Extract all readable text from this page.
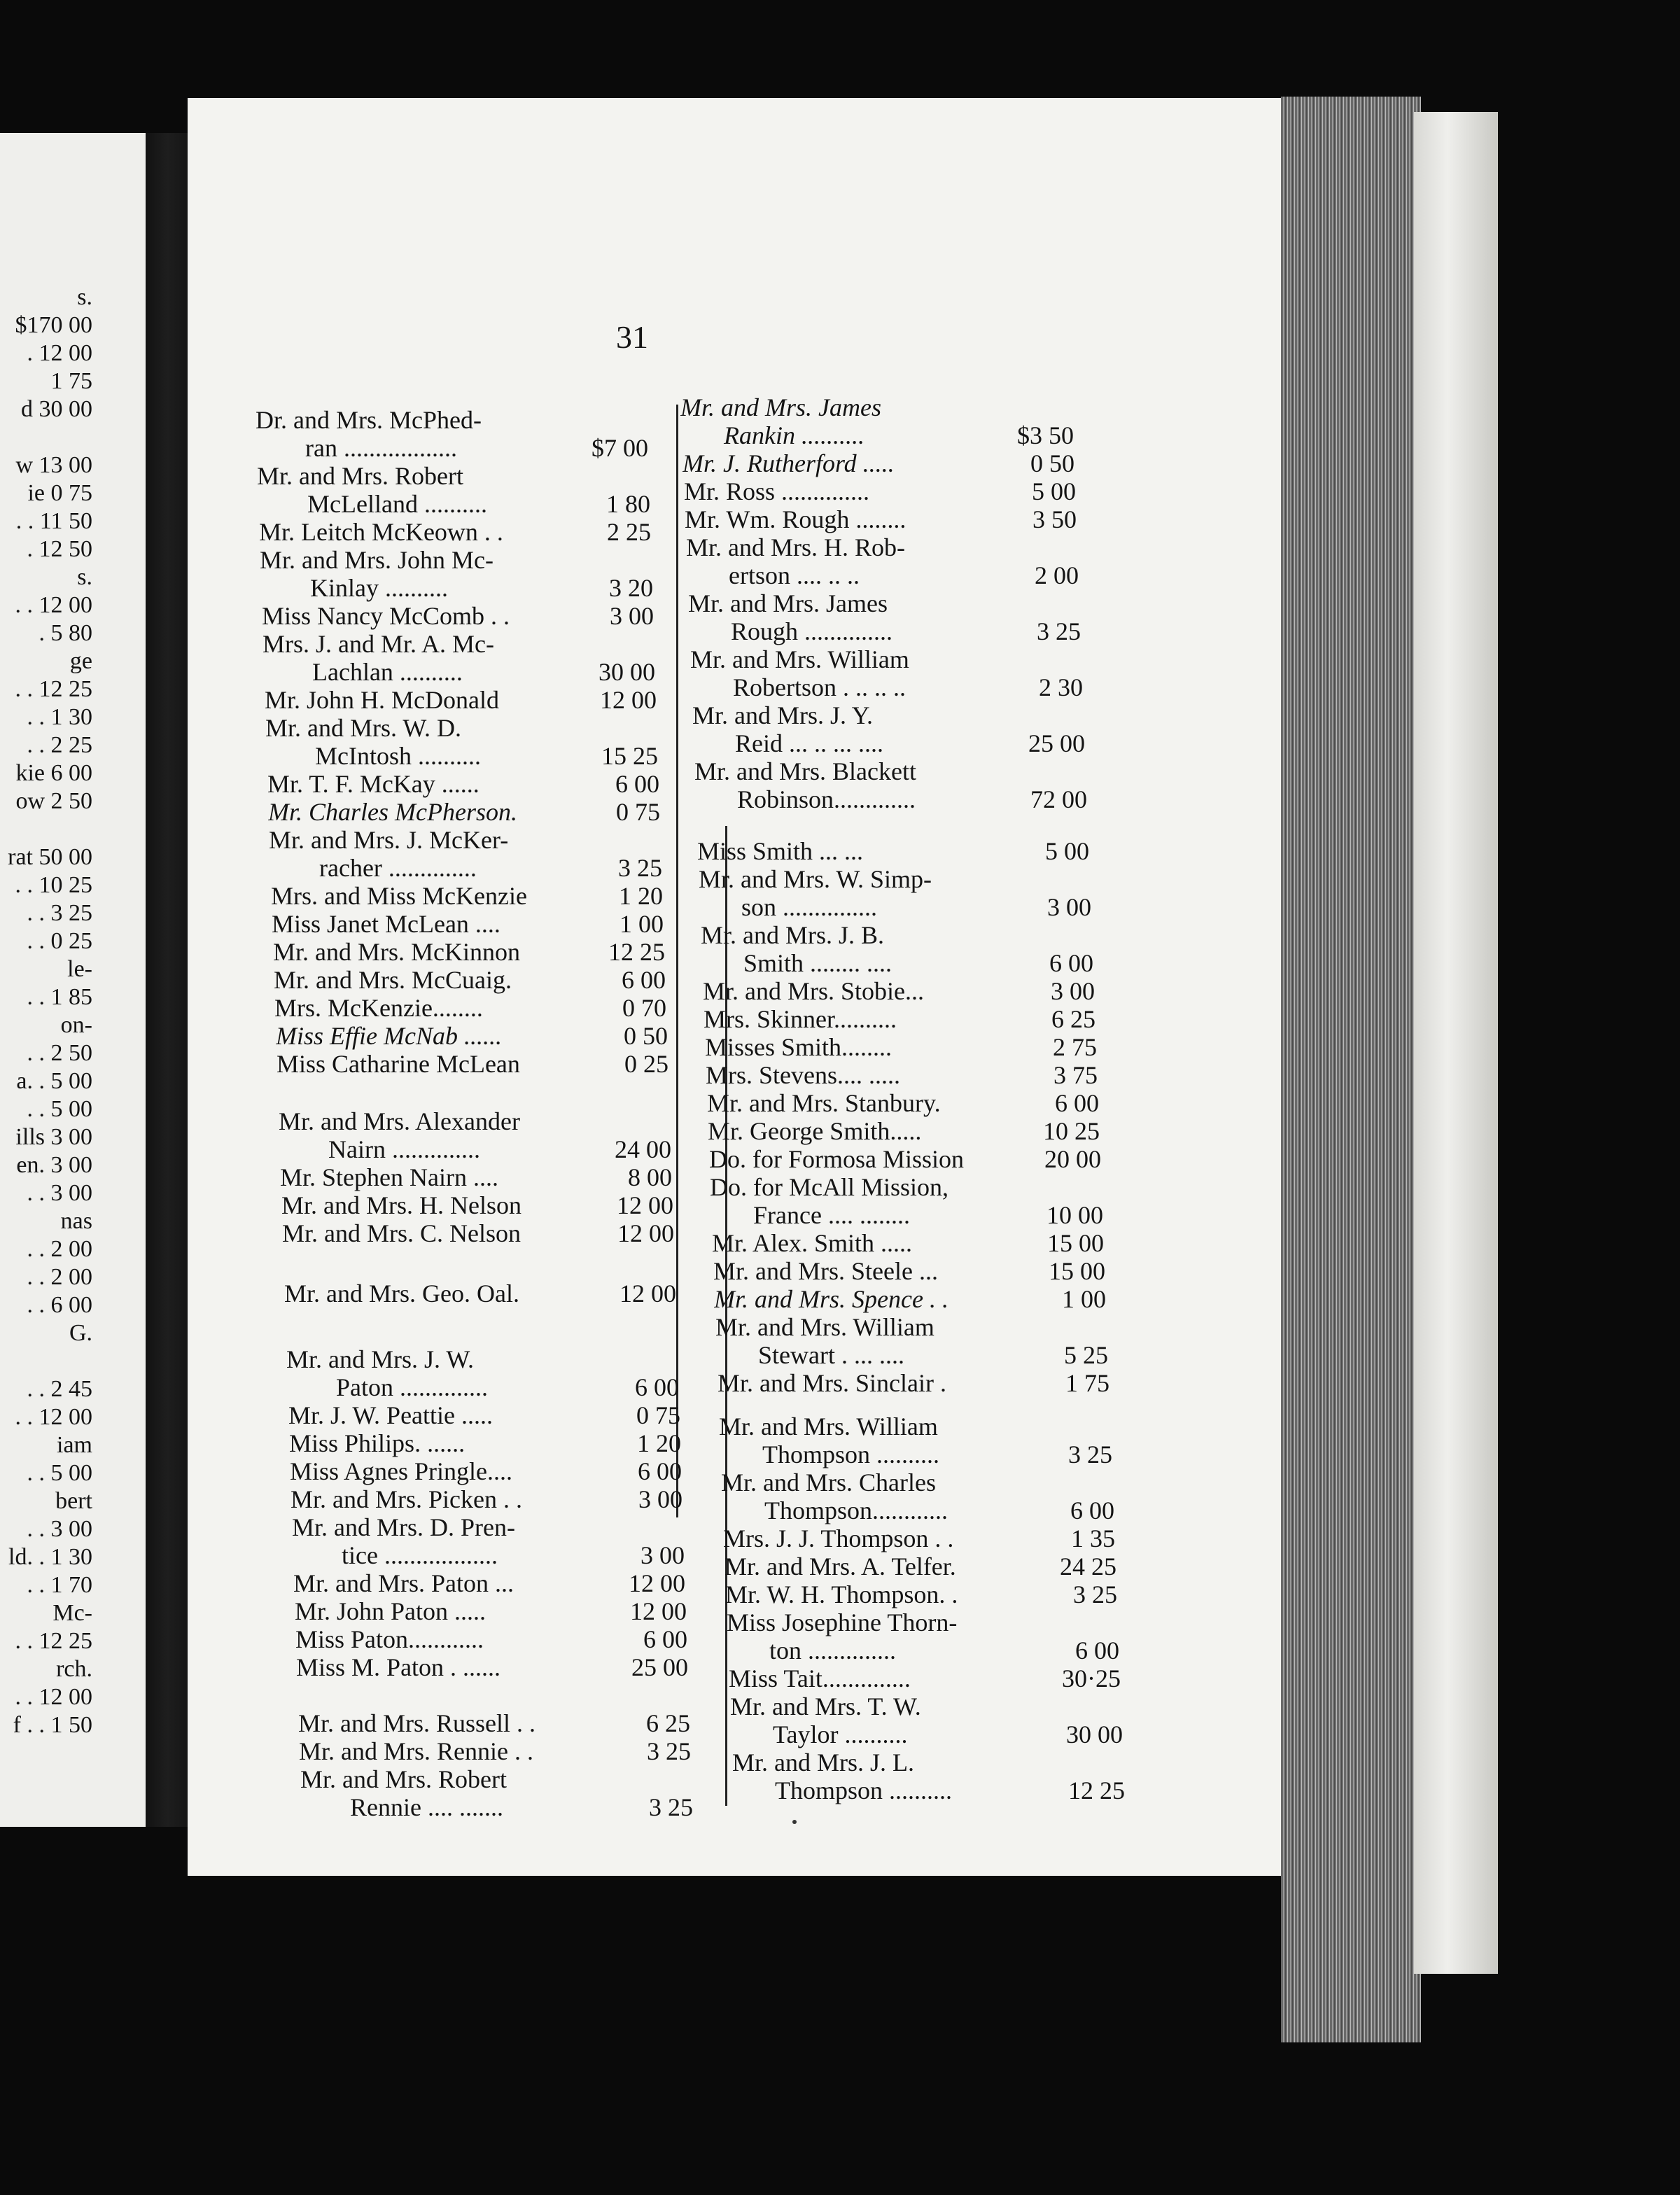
s.
$170 00
. 12 00
1 75
d 30 00
w 13 00
ie 0 75
. . 11 50
. 12 50
s.
. . 12 00
. 5 80
ge
. . 12 25
. . 1 30
. . 2 25
kie 6 00
ow 2 50
rat 50 00
. . 10 25
. . 3 25
. . 0 25
le-
. . 1 85
on-
. . 2 50
a. . 5 00
. . 5 00
ills 3 00
en. 3 00
. . 3 00
nas
. . 2 00
. . 2 00
. . 6 00
G.
. . 2 45
. . 12 00
iam
. . 5 00
bert
. . 3 00
ld. . 1 30
. . 1 70
Mc-
. . 12 25
rch.
. . 12 00
f . . 1 50
31
Dr. and Mrs. McPhed-
ran ..................	$7 00
Mr. and Mrs. Robert
McLelland ..........	1 80
Mr. Leitch McKeown . .	2 25
Mr. and Mrs. John Mc-
Kinlay ..........	3 20
Miss Nancy McComb . .	3 00
Mrs. J. and Mr. A. Mc-
Lachlan ..........	30 00
Mr. John H. McDonald	12 00
Mr. and Mrs. W. D.
McIntosh ..........	15 25
Mr. T. F. McKay ......	6 00
Mr. Charles McPherson.	0 75
Mr. and Mrs. J. McKer-
racher ..............	3 25
Mrs. and Miss McKenzie	1 20
Miss Janet McLean ....	1 00
Mr. and Mrs. McKinnon	12 25
Mr. and Mrs. McCuaig.	6 00
Mrs. McKenzie........	0 70
Miss Effie McNab ......	0 50
Miss Catharine McLean	0 25
Mr. and Mrs. Alexander
Nairn ..............	24 00
Mr. Stephen Nairn ....	8 00
Mr. and Mrs. H. Nelson	12 00
Mr. and Mrs. C. Nelson	12 00
Mr. and Mrs. Geo. Oal.	12 00
Mr. and Mrs. J. W.
Paton ..............	6 00
Mr. J. W. Peattie .....	0 75
Miss Philips. ......	1 20
Miss Agnes Pringle....	6 00
Mr. and Mrs. Picken . .	3 00
Mr. and Mrs. D. Pren-
tice ..................	3 00
Mr. and Mrs. Paton ...	12 00
Mr. John Paton .....	12 00
Miss Paton............	6 00
Miss M. Paton . ......	25 00
Mr. and Mrs. Russell . .	6 25
Mr. and Mrs. Rennie . .	3 25
Mr. and Mrs. Robert
Rennie .... .......	3 25
Mr. and Mrs. James
Rankin ..........	$3 50
Mr. J. Rutherford .....	0 50
Mr. Ross ..............	5 00
Mr. Wm. Rough ........	3 50
Mr. and Mrs. H. Rob-
ertson .... .. ..	2 00
Mr. and Mrs. James
Rough ..............	3 25
Mr. and Mrs. William
Robertson . .. .. ..	2 30
Mr. and Mrs. J. Y.
Reid ... .. ... ....	25 00
Mr. and Mrs. Blackett
Robinson.............	72 00
Miss Smith ... ...	5 00
Mr. and Mrs. W. Simp-
son ...............	3 00
Mr. and Mrs. J. B.
Smith ........ ....	6 00
Mr. and Mrs. Stobie...	3 00
Mrs. Skinner..........	6 25
Misses Smith........	2 75
Mrs. Stevens.... .....	3 75
Mr. and Mrs. Stanbury.	6 00
Mr. George Smith.....	10 25
Do. for Formosa Mission	20 00
Do. for McAll Mission,
France .... ........	10 00
Mr. Alex. Smith .....	15 00
Mr. and Mrs. Steele ...	15 00
Mr. and Mrs. Spence . .	1 00
Mr. and Mrs. William
Stewart . ... ....	5 25
Mr. and Mrs. Sinclair .	1 75
Mr. and Mrs. William
Thompson ..........	3 25
Mr. and Mrs. Charles
Thompson............	6 00
Mrs. J. J. Thompson . .	1 35
Mr. and Mrs. A. Telfer.	24 25
Mr. W. H. Thompson. .	3 25
Miss Josephine Thorn-
ton ..............	6 00
Miss Tait..............	30·25
Mr. and Mrs. T. W.
Taylor ..........	30 00
Mr. and Mrs. J. L.
Thompson ..........	12 25
